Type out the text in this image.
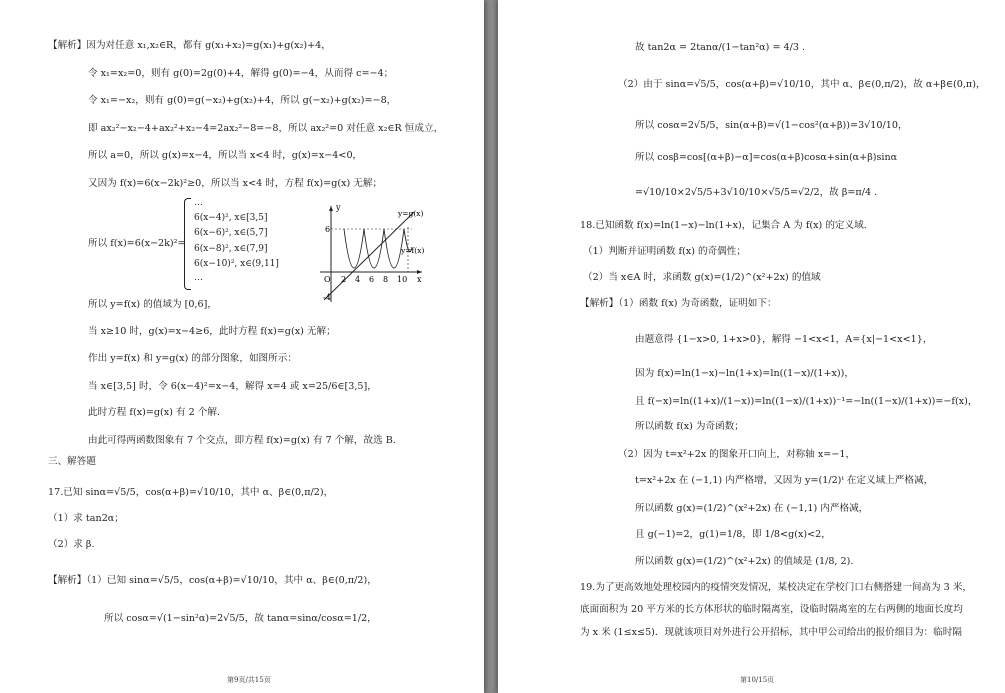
【解析】因为对任意 x₁,x₂∈R，都有 g(x₁+x₂)=g(x₁)+g(x₂)+4，
令 x₁=x₂=0，则有 g(0)=2g(0)+4，解得 g(0)=−4，从而得 c=−4；
令 x₁=−x₂，则有 g(0)=g(−x₂)+g(x₂)+4，所以 g(−x₂)+g(x₂)=−8，
即 ax₂²−x₂−4+ax₂²+x₂−4=2ax₂²−8=−8，所以 ax₂²=0 对任意 x₂∈R 恒成立，
所以 a=0，所以 g(x)=x−4，所以当 x<4 时，g(x)=x−4<0，
又因为 f(x)=6(x−2k)²≥0，所以当 x<4 时，方程 f(x)=g(x) 无解；
所以 f(x)=6(x−2k)²=
…
6(x−4)², x∈[3,5]
6(x−6)², x∈(5,7]
6(x−8)², x∈(7,9]
6(x−10)², x∈(9,11]
…
y
x
O
6
-4
2 4 6 8 10
y=g(x)
y=f(x)
所以 y=f(x) 的值域为 [0,6]，
当 x≥10 时，g(x)=x−4≥6，此时方程 f(x)=g(x) 无解；
作出 y=f(x) 和 y=g(x) 的部分图象，如图所示：
当 x∈[3,5] 时，令 6(x−4)²=x−4，解得 x=4 或 x=25/6∈[3,5]，
此时方程 f(x)=g(x) 有 2 个解.
由此可得两函数图象有 7 个交点，即方程 f(x)=g(x) 有 7 个解，故选 B.
三、解答题
17.已知 sinα=√5/5，cos(α+β)=√10/10，其中 α、β∈(0,π/2)，
（1）求 tan2α；
（2）求 β.
【解析】（1）已知 sinα=√5/5，cos(α+β)=√10/10，其中 α、β∈(0,π/2)，
所以 cosα=√(1−sin²α)=2√5/5，故 tanα=sinα/cosα=1/2，
第9页/共15页
故 tan2α = 2tanα/(1−tan²α) = 4/3 .
（2）由于 sinα=√5/5，cos(α+β)=√10/10，其中 α、β∈(0,π/2)，故 α+β∈(0,π)，
所以 cosα=2√5/5，sin(α+β)=√(1−cos²(α+β))=3√10/10，
所以 cosβ=cos[(α+β)−α]=cos(α+β)cosα+sin(α+β)sinα
=√10/10×2√5/5+3√10/10×√5/5=√2/2，故 β=π/4 .
18.已知函数 f(x)=ln(1−x)−ln(1+x)，记集合 A 为 f(x) 的定义域.
（1）判断并证明函数 f(x) 的奇偶性；
（2）当 x∈A 时，求函数 g(x)=(1/2)^(x²+2x) 的值域
【解析】（1）函数 f(x) 为奇函数，证明如下：
由题意得 {1−x>0, 1+x>0}，解得 −1<x<1，A={x|−1<x<1}，
因为 f(x)=ln(1−x)−ln(1+x)=ln((1−x)/(1+x))，
且 f(−x)=ln((1+x)/(1−x))=ln((1−x)/(1+x))⁻¹=−ln((1−x)/(1+x))=−f(x)，
所以函数 f(x) 为奇函数；
（2）因为 t=x²+2x 的图象开口向上，对称轴 x=−1，
t=x²+2x 在 (−1,1) 内严格增，又因为 y=(1/2)ᵗ 在定义域上严格减，
所以函数 g(x)=(1/2)^(x²+2x) 在 (−1,1) 内严格减，
且 g(−1)=2，g(1)=1/8，即 1/8<g(x)<2，
所以函数 g(x)=(1/2)^(x²+2x) 的值域是 (1/8, 2).
19.为了更高效地处理校园内的疫情突发情况，某校决定在学校门口右侧搭建一间高为 3 米，
底面面积为 20 平方米的长方体形状的临时隔离室，设临时隔离室的左右两侧的地面长度均
为 x 米 (1≤x≤5)．现就该项目对外进行公开招标，其中甲公司给出的报价细目为：临时隔
第10/15页
